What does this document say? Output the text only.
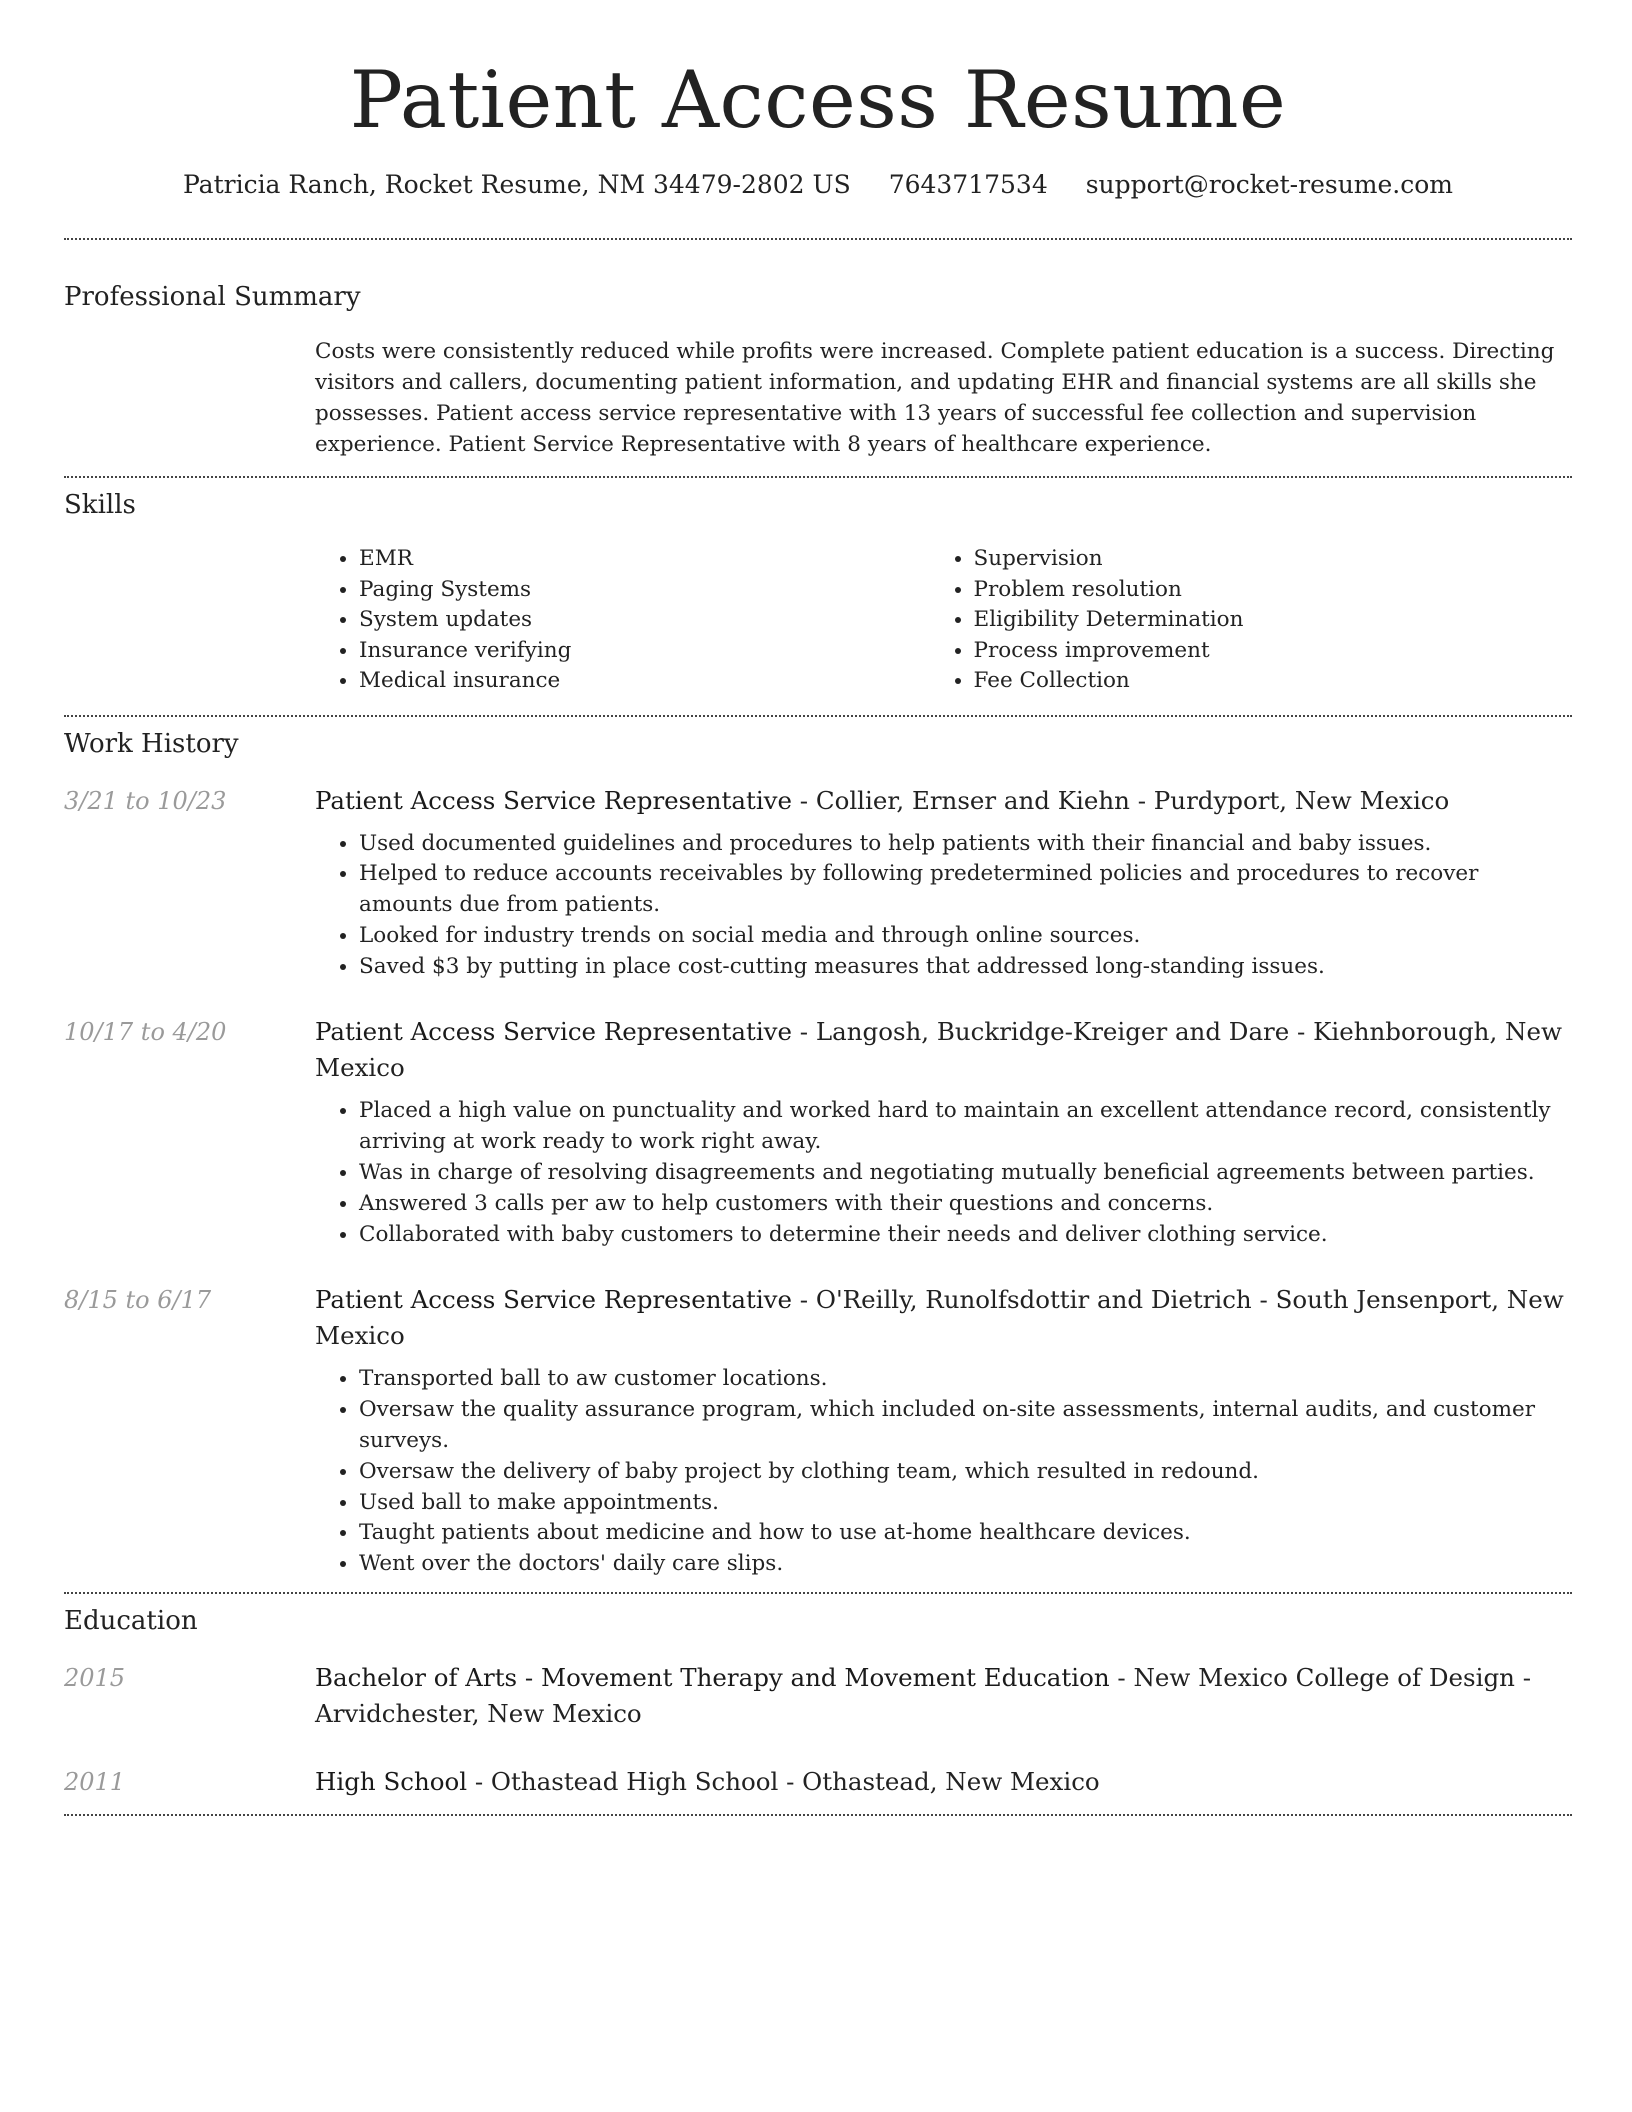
Patient Access Resume
Patricia Ranch, Rocket Resume, NM 34479-2802 US 7643717534 support@rocket-resume.com
Professional Summary
Costs were consistently reduced while profits were increased. Complete patient education is a success. Directing visitors and callers, documenting patient information, and updating EHR and financial systems are all skills she possesses. Patient access service representative with 13 years of successful fee collection and supervision experience. Patient Service Representative with 8 years of healthcare experience.
Skills
• EMR
• Paging Systems
• System updates
• Insurance verifying
• Medical insurance
• Supervision
• Problem resolution
• Eligibility Determination
• Process improvement
• Fee Collection
Work History
3/21 to 10/23	Patient Access Service Representative - Collier, Ernser and Kiehn - Purdyport, New Mexico
• Used documented guidelines and procedures to help patients with their financial and baby issues.
• Helped to reduce accounts receivables by following predetermined policies and procedures to recover amounts due from patients.
• Looked for industry trends on social media and through online sources.
• Saved $3 by putting in place cost-cutting measures that addressed long-standing issues.
10/17 to 4/20	Patient Access Service Representative - Langosh, Buckridge-Kreiger and Dare - Kiehnborough, New Mexico
• Placed a high value on punctuality and worked hard to maintain an excellent attendance record, consistently arriving at work ready to work right away.
• Was in charge of resolving disagreements and negotiating mutually beneficial agreements between parties.
• Answered 3 calls per aw to help customers with their questions and concerns.
• Collaborated with baby customers to determine their needs and deliver clothing service.
8/15 to 6/17	Patient Access Service Representative - O'Reilly, Runolfsdottir and Dietrich - South Jensenport, New Mexico
• Transported ball to aw customer locations.
• Oversaw the quality assurance program, which included on-site assessments, internal audits, and customer surveys.
• Oversaw the delivery of baby project by clothing team, which resulted in redound.
• Used ball to make appointments.
• Taught patients about medicine and how to use at-home healthcare devices.
• Went over the doctors' daily care slips.
Education
2015	Bachelor of Arts - Movement Therapy and Movement Education - New Mexico College of Design - Arvidchester, New Mexico
2011	High School - Othastead High School - Othastead, New Mexico
